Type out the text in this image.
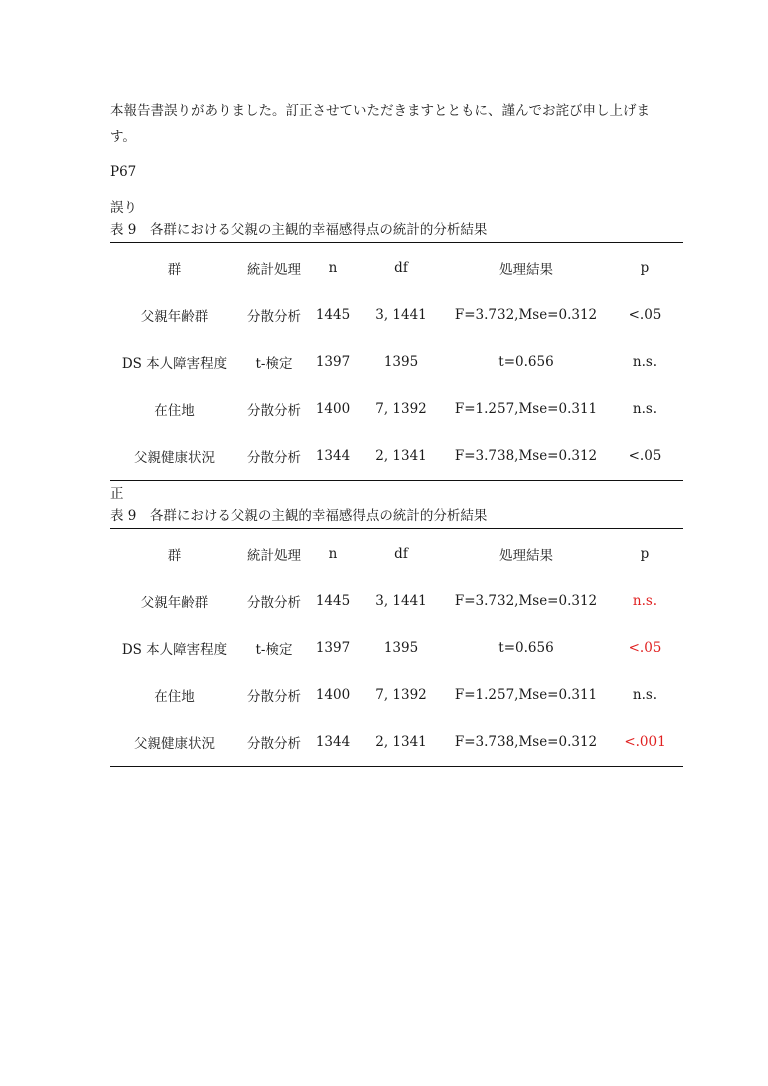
本報告書誤りがありました。訂正させていただきますとともに、謹んでお詫び申し上げます。
P67
誤り
表 9　各群における父親の主観的幸福感得点の統計的分析結果
群	統計処理	n	df	処理結果	p
父親年齢群	分散分析	1445	3, 1441	F=3.732,Mse=0.312	<.05
DS 本人障害程度	t-検定	1397	1395	t=0.656	n.s.
在住地	分散分析	1400	7, 1392	F=1.257,Mse=0.311	n.s.
父親健康状況	分散分析	1344	2, 1341	F=3.738,Mse=0.312	<.05
正
表 9　各群における父親の主観的幸福感得点の統計的分析結果
群	統計処理	n	df	処理結果	p
父親年齢群	分散分析	1445	3, 1441	F=3.732,Mse=0.312	n.s.
DS 本人障害程度	t-検定	1397	1395	t=0.656	<.05
在住地	分散分析	1400	7, 1392	F=1.257,Mse=0.311	n.s.
父親健康状況	分散分析	1344	2, 1341	F=3.738,Mse=0.312	<.001
